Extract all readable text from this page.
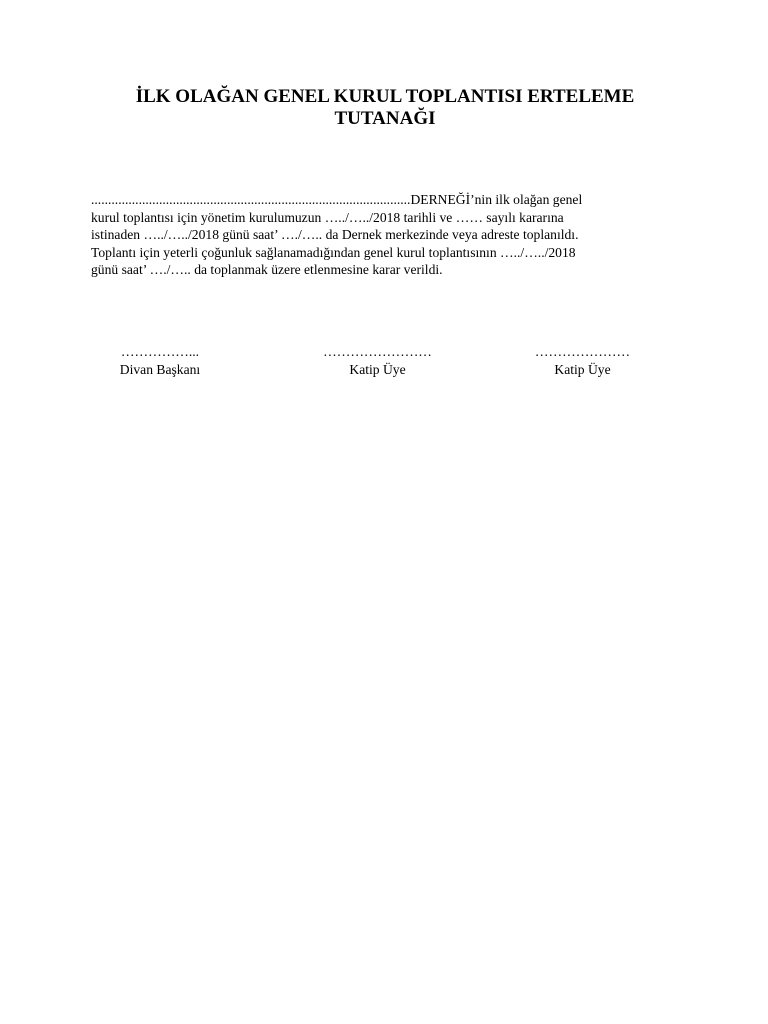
İLK OLAĞAN GENEL KURUL TOPLANTISI ERTELEME
TUTANAĞI
..............................................................................................DERNEĞİ’nin ilk olağan genel
kurul toplantısı için yönetim kurulumuzun …../…../2018 tarihli ve …… sayılı kararına
istinaden …../…../2018 günü saat’ …./….. da Dernek merkezinde veya adreste toplanıldı.
Toplantı için yeterli çoğunluk sağlanamadığından genel kurul toplantısının …../…../2018
günü saat’ …./….. da toplanmak üzere etlenmesine karar verildi.
……………...
Divan Başkanı
……………………
Katip Üye
…………………
Katip Üye
